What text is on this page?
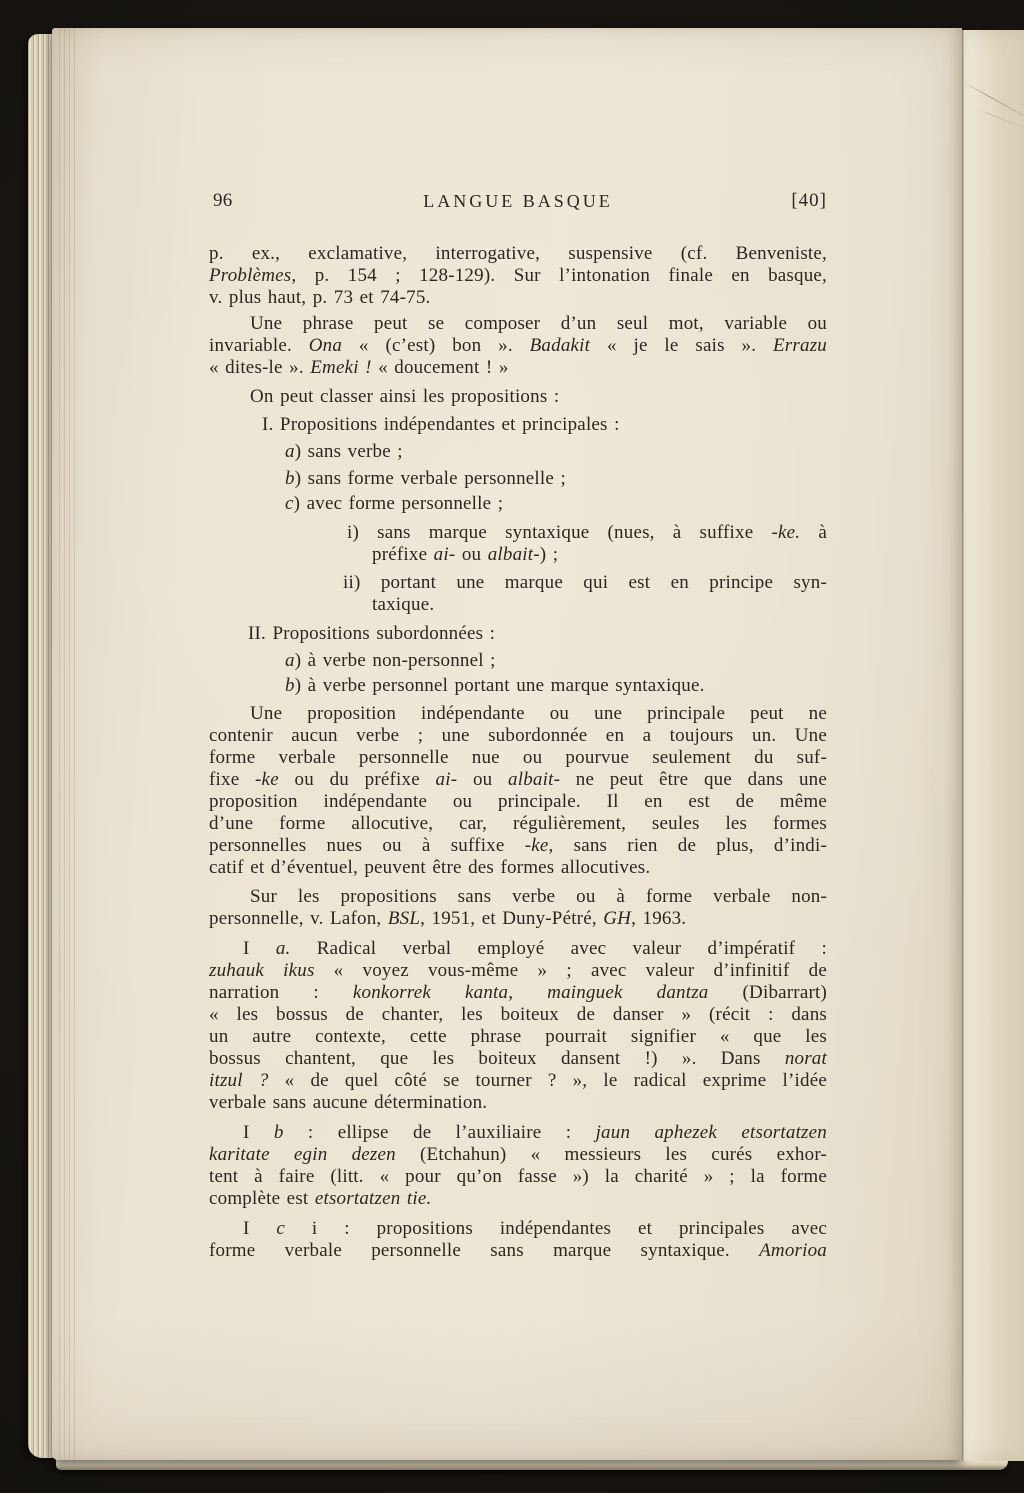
96	LANGUE BASQUE	[40]
p. ex., exclamative, interrogative, suspensive (cf. Benveniste,
Problèmes, p. 154 ; 128-129). Sur l’intonation finale en basque,
v. plus haut, p. 73 et 74-75.
Une phrase peut se composer d’un seul mot, variable ou
invariable. Ona « (c’est) bon ». Badakit « je le sais ». Errazu
« dites-le ». Emeki ! « doucement ! »
On peut classer ainsi les propositions :
I. Propositions indépendantes et principales :
a) sans verbe ;
b) sans forme verbale personnelle ;
c) avec forme personnelle ;
i) sans marque syntaxique (nues, à suffixe -ke. à
préfixe ai- ou albait-) ;
ii) portant une marque qui est en principe syn-
taxique.
II. Propositions subordonnées :
a) à verbe non-personnel ;
b) à verbe personnel portant une marque syntaxique.
Une proposition indépendante ou une principale peut ne
contenir aucun verbe ; une subordonnée en a toujours un. Une
forme verbale personnelle nue ou pourvue seulement du suf-
fixe -ke ou du préfixe ai- ou albait- ne peut être que dans une
proposition indépendante ou principale. Il en est de même
d’une forme allocutive, car, régulièrement, seules les formes
personnelles nues ou à suffixe -ke, sans rien de plus, d’indi-
catif et d’éventuel, peuvent être des formes allocutives.
Sur les propositions sans verbe ou à forme verbale non-
personnelle, v. Lafon, BSL, 1951, et Duny-Pétré, GH, 1963.
I a. Radical verbal employé avec valeur d’impératif :
zuhauk ikus « voyez vous-même » ; avec valeur d’infinitif de
narration : konkorrek kanta, mainguek dantza (Dibarrart)
« les bossus de chanter, les boiteux de danser » (récit : dans
un autre contexte, cette phrase pourrait signifier « que les
bossus chantent, que les boiteux dansent !) ». Dans norat
itzul ? « de quel côté se tourner ? », le radical exprime l’idée
verbale sans aucune détermination.
I b : ellipse de l’auxiliaire : jaun aphezek etsortatzen
karitate egin dezen (Etchahun) « messieurs les curés exhor-
tent à faire (litt. « pour qu’on fasse ») la charité » ; la forme
complète est etsortatzen tie.
I c i : propositions indépendantes et principales avec
forme verbale personnelle sans marque syntaxique. Amorioa
